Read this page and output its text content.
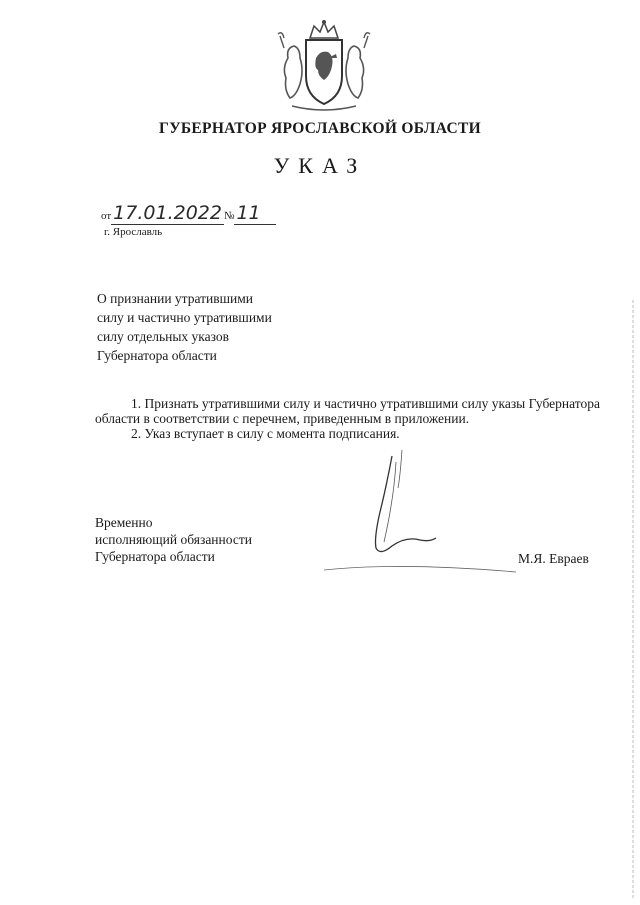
ГУБЕРНАТОР ЯРОСЛАВСКОЙ ОБЛАСТИ
УКАЗ
от 17.01.2022 № 11
г. Ярославль
О признании утратившими
силу и частично утратившими
силу отдельных указов
Губернатора области
1. Признать утратившими силу и частично утратившими силу указы Губернатора области в соответствии с перечнем, приведенным в приложении.
2. Указ вступает в силу с момента подписания.
Временно
исполняющий обязанности
Губернатора области	М.Я. Евраев
